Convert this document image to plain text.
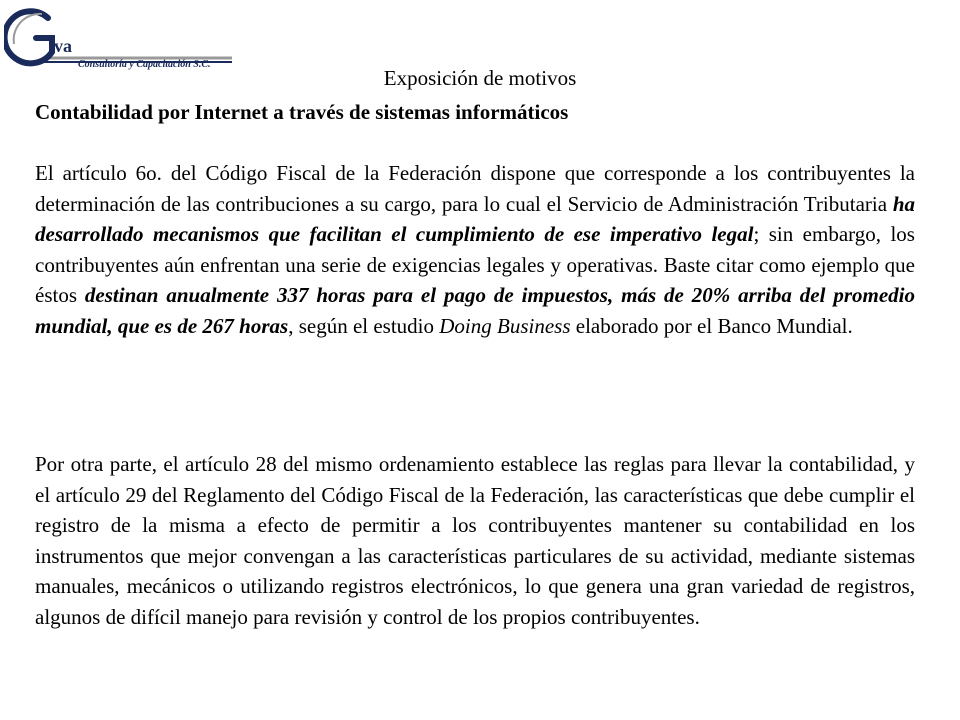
va
Consultoría y Capacitación S.C.
Exposición de motivos
Contabilidad por Internet a través de sistemas informáticos

El artículo 6o. del Código Fiscal de la Federación dispone que corresponde a los contribuyentes la determinación de las contribuciones a su cargo, para lo cual el Servicio de Administración Tributaria ha desarrollado mecanismos que facilitan el cumplimiento de ese imperativo legal; sin embargo, los contribuyentes aún enfrentan una serie de exigencias legales y operativas. Baste citar como ejemplo que éstos destinan anualmente 337 horas para el pago de impuestos, más de 20% arriba del promedio mundial, que es de 267 horas, según el estudio Doing Business elaborado por el Banco Mundial.

Por otra parte, el artículo 28 del mismo ordenamiento establece las reglas para llevar la contabilidad, y el artículo 29 del Reglamento del Código Fiscal de la Federación, las características que debe cumplir el registro de la misma a efecto de permitir a los contribuyentes mantener su contabilidad en los instrumentos que mejor convengan a las características particulares de su actividad, mediante sistemas manuales, mecánicos o utilizando registros electrónicos, lo que genera una gran variedad de registros, algunos de difícil manejo para revisión y control de los propios contribuyentes.
